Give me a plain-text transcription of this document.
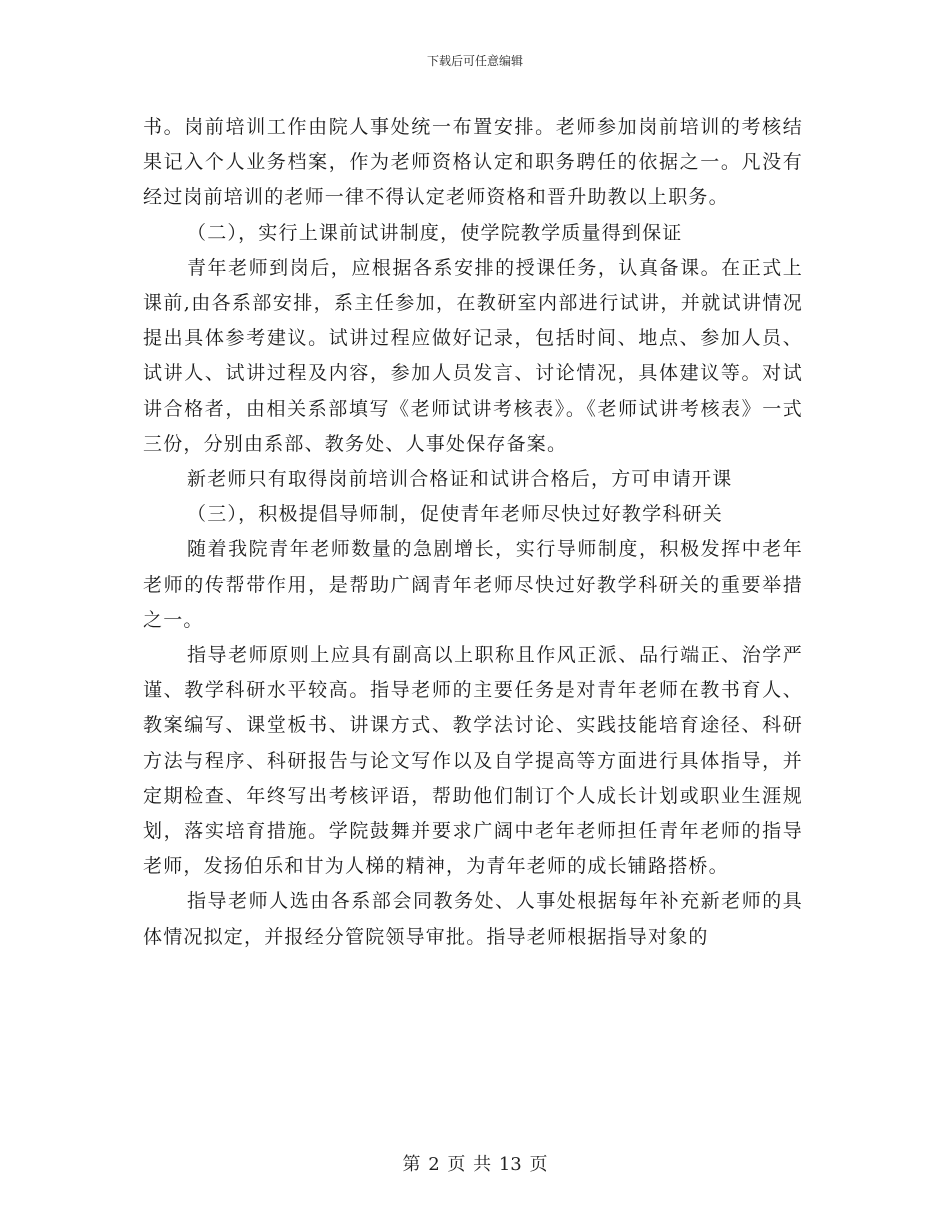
下载后可任意编辑

书。岗前培训工作由院人事处统一布置安排。老师参加岗前培训的考核结果记入个人业务档案，作为老师资格认定和职务聘任的依据之一。凡没有经过岗前培训的老师一律不得认定老师资格和晋升助教以上职务。

（二），实行上课前试讲制度，使学院教学质量得到保证

青年老师到岗后，应根据各系安排的授课任务，认真备课。在正式上课前,由各系部安排，系主任参加，在教研室内部进行试讲，并就试讲情况提出具体参考建议。试讲过程应做好记录，包括时间、地点、参加人员、试讲人、试讲过程及内容，参加人员发言、讨论情况，具体建议等。对试讲合格者，由相关系部填写《老师试讲考核表》。《老师试讲考核表》一式三份，分别由系部、教务处、人事处保存备案。

新老师只有取得岗前培训合格证和试讲合格后，方可申请开课

（三），积极提倡导师制，促使青年老师尽快过好教学科研关

随着我院青年老师数量的急剧增长，实行导师制度，积极发挥中老年老师的传帮带作用，是帮助广阔青年老师尽快过好教学科研关的重要举措之一。

指导老师原则上应具有副高以上职称且作风正派、品行端正、治学严谨、教学科研水平较高。指导老师的主要任务是对青年老师在教书育人、教案编写、课堂板书、讲课方式、教学法讨论、实践技能培育途径、科研方法与程序、科研报告与论文写作以及自学提高等方面进行具体指导，并定期检查、年终写出考核评语，帮助他们制订个人成长计划或职业生涯规划，落实培育措施。学院鼓舞并要求广阔中老年老师担任青年老师的指导老师，发扬伯乐和甘为人梯的精神，为青年老师的成长铺路搭桥。

指导老师人选由各系部会同教务处、人事处根据每年补充新老师的具体情况拟定，并报经分管院领导审批。指导老师根据指导对象的

第 2 页 共 13 页
